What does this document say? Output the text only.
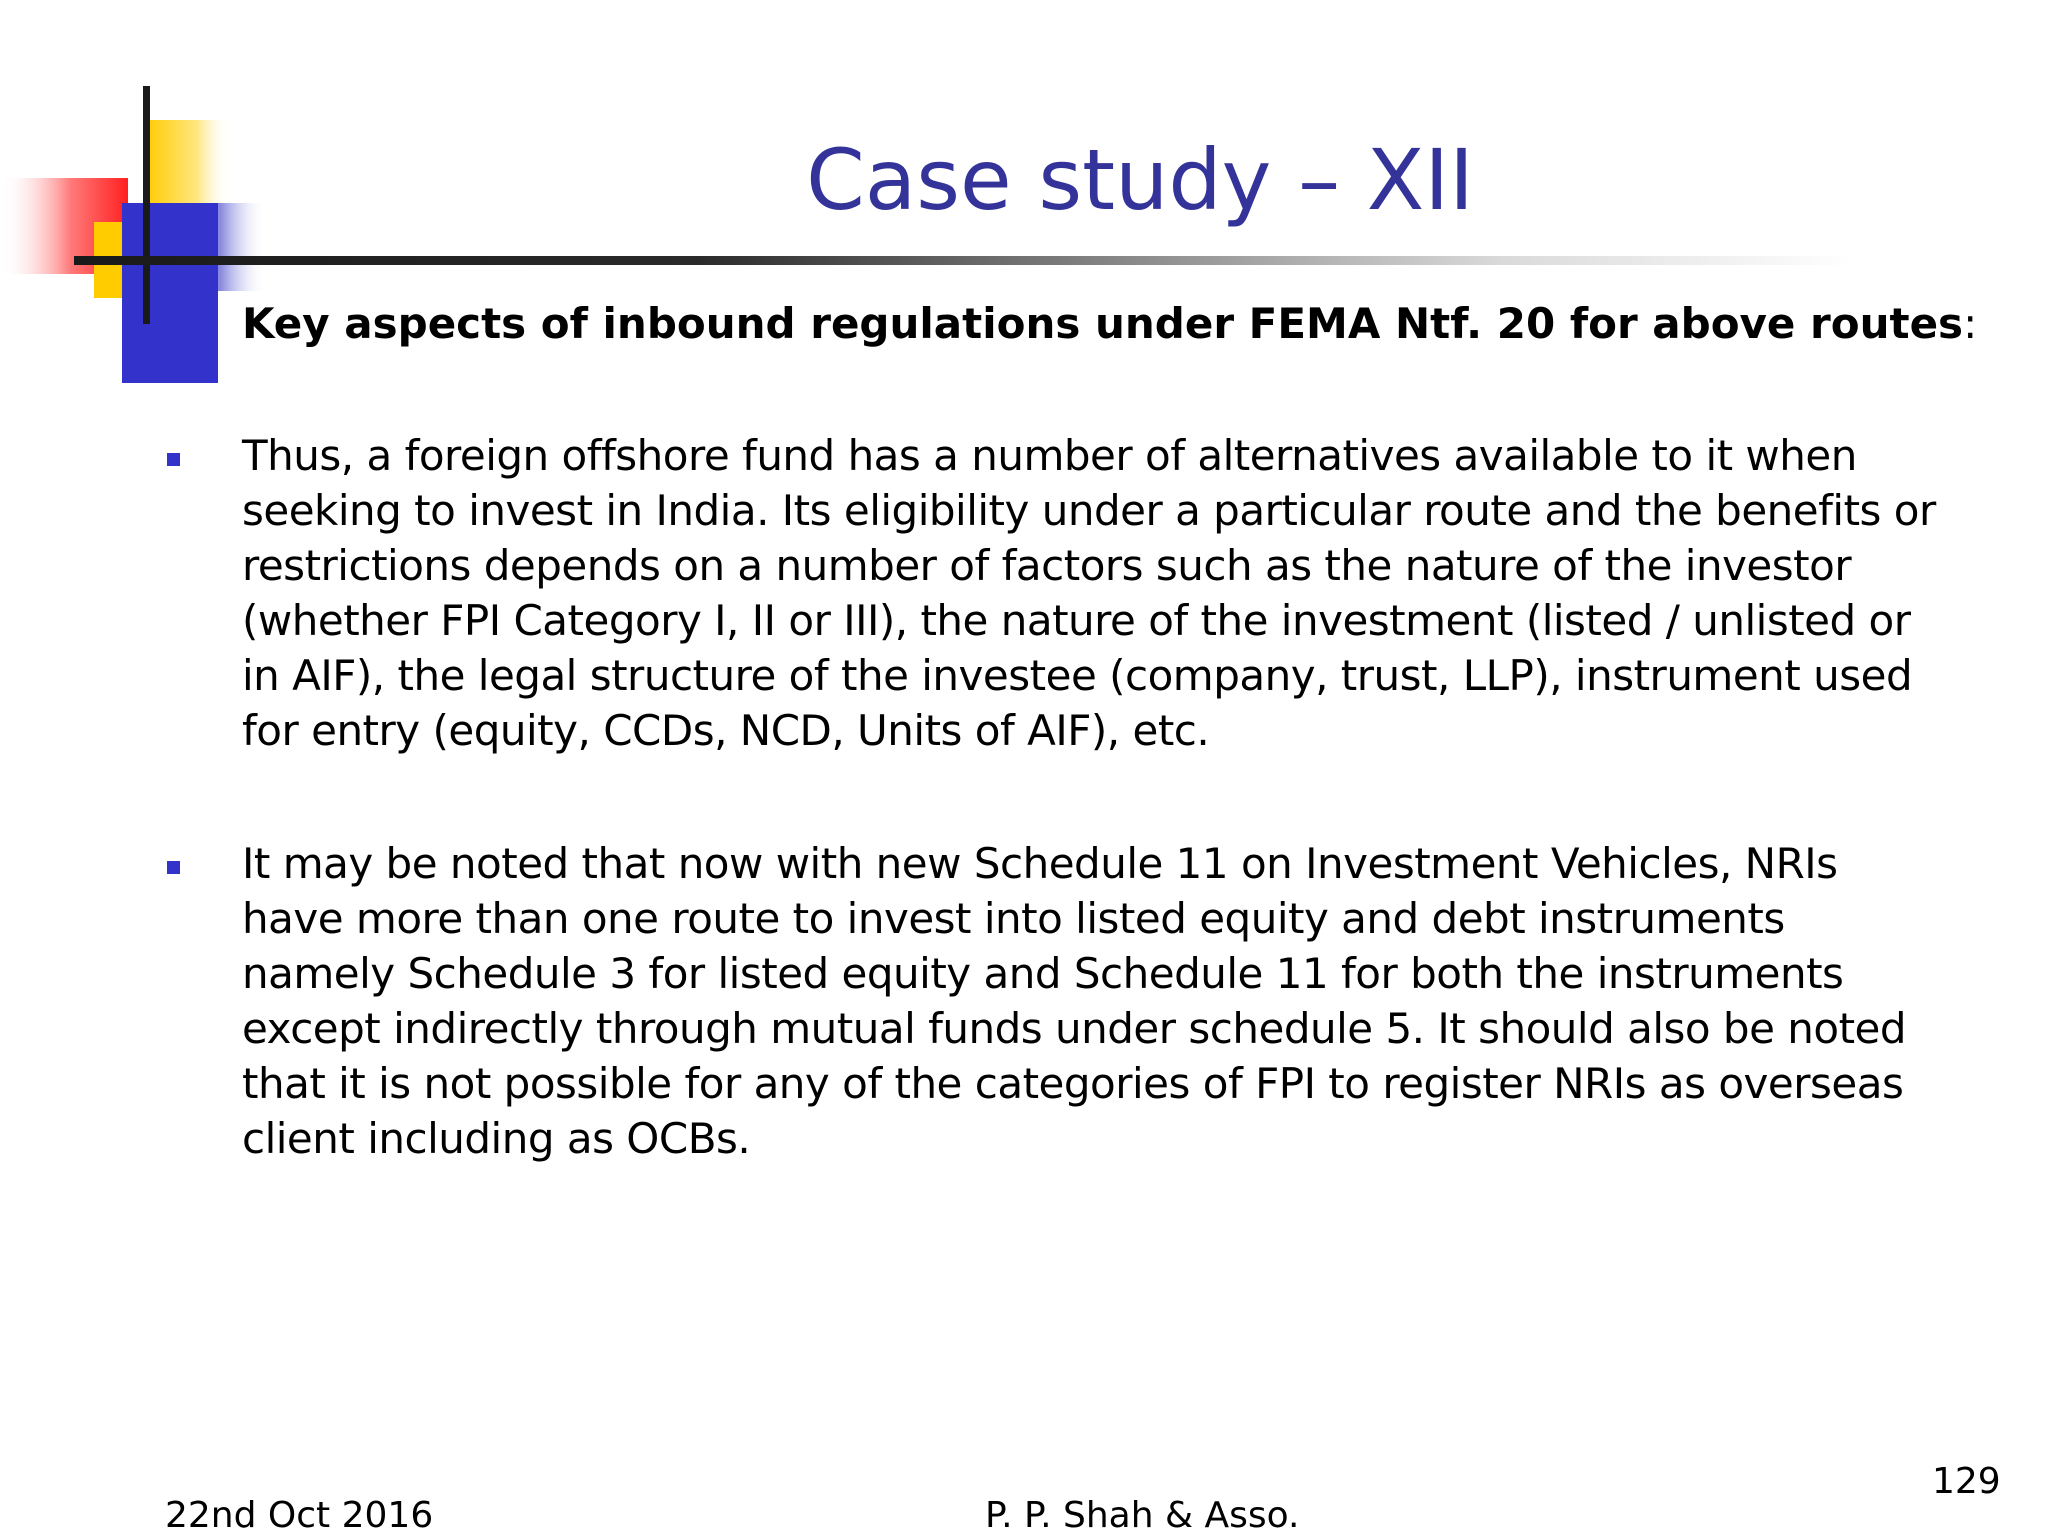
Case study – XII

Key aspects of inbound regulations under FEMA Ntf. 20 for above routes:

Thus, a foreign offshore fund has a number of alternatives available to it when seeking to invest in India. Its eligibility under a particular route and the benefits or restrictions depends on a number of factors such as the nature of the investor (whether FPI Category I, II or III), the nature of the investment (listed / unlisted or in AIF), the legal structure of the investee (company, trust, LLP), instrument used for entry (equity, CCDs, NCD, Units of AIF), etc.
It may be noted that now with new Schedule 11 on Investment Vehicles, NRIs have more than one route to invest into listed equity and debt instruments namely Schedule 3 for listed equity and Schedule 11 for both the instruments except indirectly through mutual funds under schedule 5. It should also be noted that it is not possible for any of the categories of FPI to register NRIs as overseas client including as OCBs.
22nd Oct 2016	P. P. Shah & Asso.
129
